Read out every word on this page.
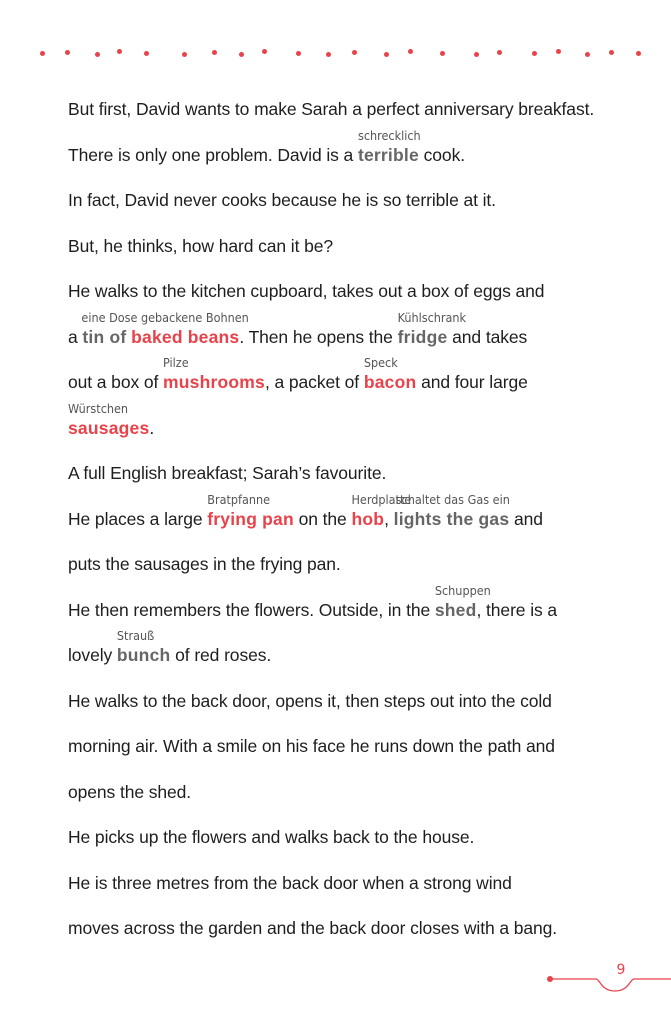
But first, David wants to make Sarah a perfect anniversary breakfast.
There is only one problem. David is a
schrecklich
terrible cook.
In fact, David never cooks because he is so terrible at it.
But, he thinks, how hard can it be?
He walks to the kitchen cupboard, takes out a box of eggs and
a
eine Dose gebackene Bohnen
tin of baked beans. Then he opens the
Kühlschrank
fridge and takes
out a box of
Pilze
mushrooms, a packet of
Speck
bacon and four large
Würstchen
sausages.
A full English breakfast; Sarah’s favourite.
He places a large
Bratpfanne
frying pan on the
Herdplatte
hob,
schaltet das Gas ein
lights the gas and
puts the sausages in the frying pan.
He then remembers the flowers. Outside, in the
Schuppen
shed, there is a
lovely
Strauß
bunch of red roses.
He walks to the back door, opens it, then steps out into the cold
morning air. With a smile on his face he runs down the path and
opens the shed.
He picks up the flowers and walks back to the house.
He is three metres from the back door when a strong wind
moves across the garden and the back door closes with a bang.
9
